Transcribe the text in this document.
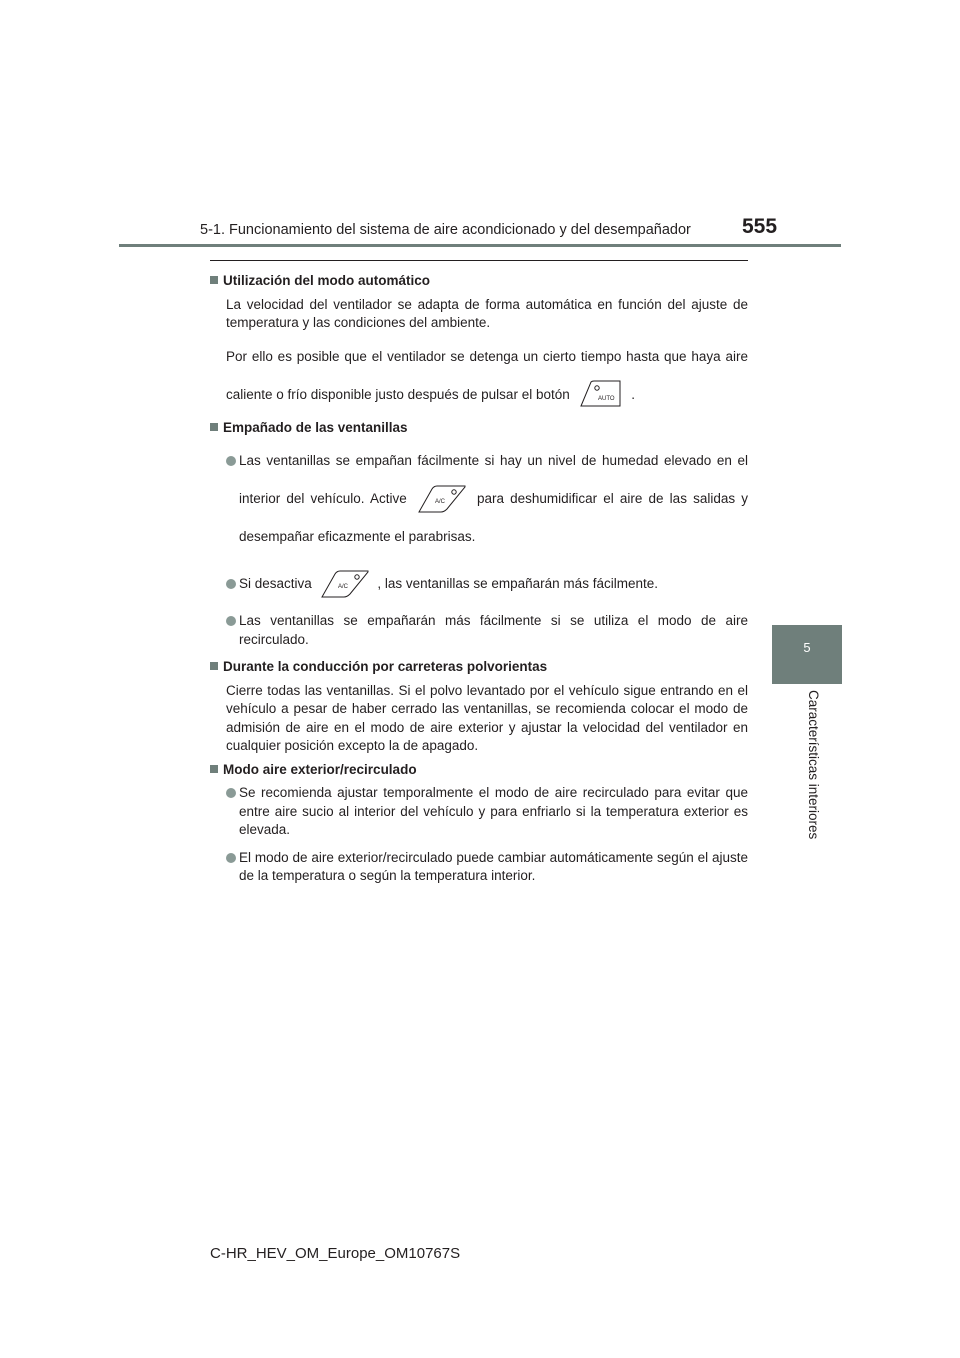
5-1. Funcionamiento del sistema de aire acondicionado y del desempañador 555
5
Características interiores
Utilización del modo automático
La velocidad del ventilador se adapta de forma automática en función del ajuste de temperatura y las condiciones del ambiente.
Por ello es posible que el ventilador se detenga un cierto tiempo hasta que haya aire caliente o frío disponible justo después de pulsar el botón	AUTO .
Empañado de las ventanillas
Las ventanillas se empañan fácilmente si hay un nivel de humedad elevado en el interior del vehículo. Active	A/C para deshumidificar el aire de las salidas y desempañar eficazmente el parabrisas.
Si desactiva	A/C , las ventanillas se empañarán más fácilmente.
Las ventanillas se empañarán más fácilmente si se utiliza el modo de aire recirculado.
Durante la conducción por carreteras polvorientas
Cierre todas las ventanillas. Si el polvo levantado por el vehículo sigue entrando en el vehículo a pesar de haber cerrado las ventanillas, se recomienda colocar el modo de admisión de aire en el modo de aire exterior y ajustar la velocidad del ventilador en cualquier posición excepto la de apagado.
Modo aire exterior/recirculado
Se recomienda ajustar temporalmente el modo de aire recirculado para evitar que entre aire sucio al interior del vehículo y para enfriarlo si la temperatura exterior es elevada.
El modo de aire exterior/recirculado puede cambiar automáticamente según el ajuste de la temperatura o según la temperatura interior.
C-HR_HEV_OM_Europe_OM10767S
